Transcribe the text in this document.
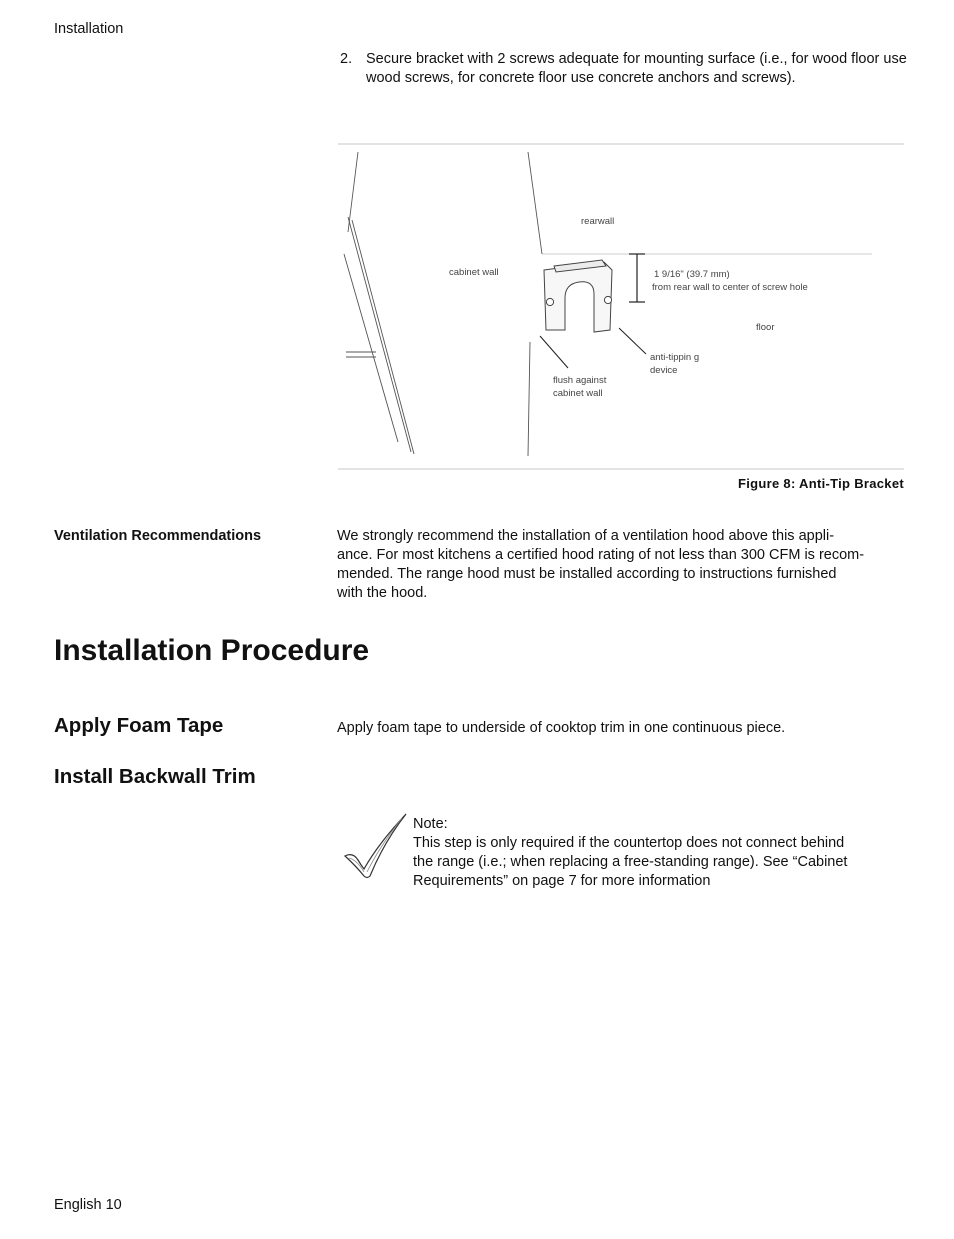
Installation
2. Secure bracket with 2 screws adequate for mounting surface (i.e., for wood floor use wood screws, for concrete floor use concrete anchors and screws).
rearwall
cabinet wall	1 9/16" (39.7 mm)
from rear wall to center of screw hole
floor
anti-tippin g
device
flush against
cabinet wall
Figure 8: Anti-Tip Bracket
Ventilation Recommendations	We strongly recommend the installation of a ventilation hood above this appli-

ance. For most kitchens a certified hood rating of not less than 300 CFM is recom-

mended. The range hood must be installed according to instructions furnished

with the hood.

Installation Procedure
Apply Foam Tape	Apply foam tape to underside of cooktop trim in one continuous piece.
Install Backwall Trim
Note:
This step is only required if the countertop does not connect behind
the range (i.e.; when replacing a free-standing range). See “Cabinet
Requirements” on page 7 for more information
English 10
